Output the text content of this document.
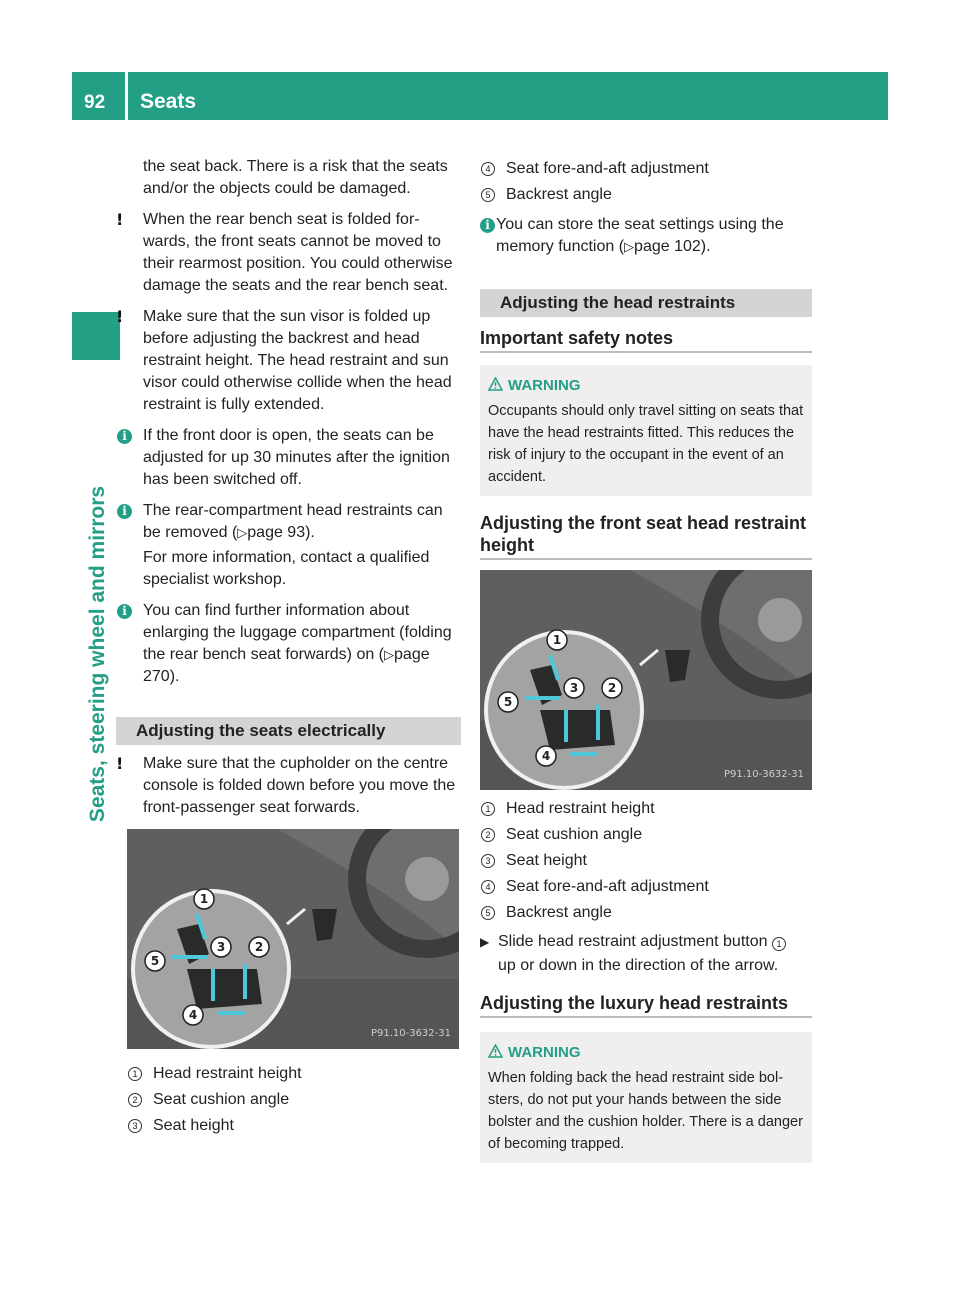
92 Seats
Seats, steering wheel and mirrors

the seat back. There is a risk that the seats and/or the objects could be damaged.

! When the rear bench seat is folded forwards, the front seats cannot be moved to their rearmost position. You could otherwise damage the seats and the rear bench seat.

! Make sure that the sun visor is folded up before adjusting the backrest and head restraint height. The head restraint and sun visor could otherwise collide when the head restraint is fully extended.

i	If the front door is open, the seats can be adjusted for up 30 minutes after the ignition has been switched off.

i	The rear-compartment head restraints can be removed (▷page 93).

For more information, contact a qualified specialist workshop.

i	You can find further information about enlarging the luggage compartment (folding the rear bench seat forwards) on (▷page 270).

Adjusting the seats electrically

! Make sure that the cupholder on the centre console is folded down before you move the front-passenger seat forwards.

1
2
3
4
5
P91.10-3632-31
1 Head restraint height
2 Seat cushion angle
3 Seat height
4 Seat fore-and-aft adjustment
5 Backrest angle

i You can store the seat settings using the memory function (▷page 102).

Adjusting the head restraints

Important safety notes
WARNING
Occupants should only travel sitting on seats that have the head restraints fitted. This reduces the risk of injury to the occupant in the event of an accident.
Adjusting the front seat head restraint height
1
2
3
4
5
P91.10-3632-31
1 Head restraint height
2 Seat cushion angle
3 Seat height
4 Seat fore-and-aft adjustment
5 Backrest angle
▶ Slide head restraint adjustment button 1
up or down in the direction of the arrow.
Adjusting the luxury head restraints
WARNING
When folding back the head restraint side bolsters, do not put your hands between the side bolster and the cushion holder. There is a danger of becoming trapped.
